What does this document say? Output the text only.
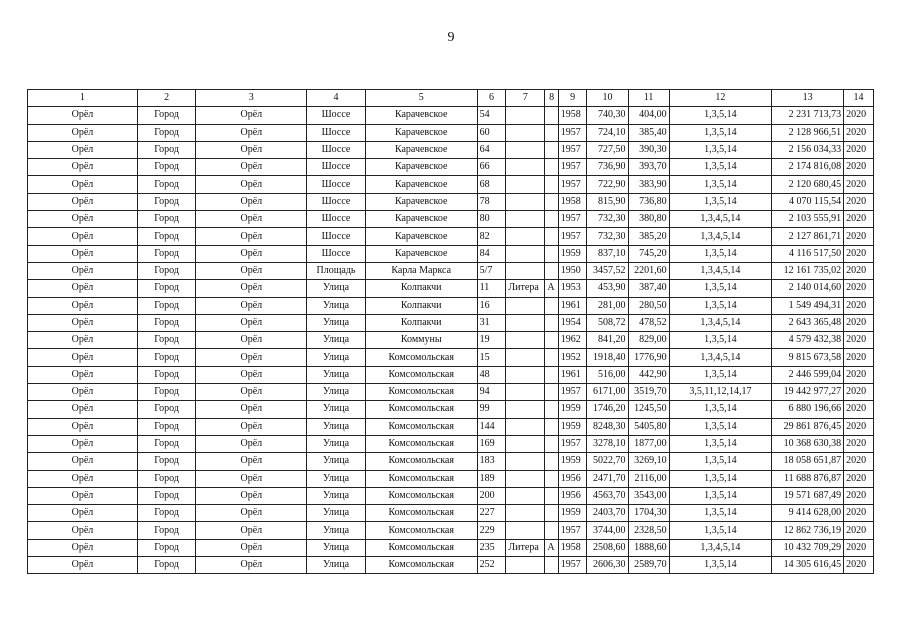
9
1	2	3	4	5	6	7	8	9	10	11	12	13	14
Орёл	Город	Орёл	Шоссе	Карачевское	54			1958	740,30	404,00	1,3,5,14	2 231 713,73	2020
Орёл	Город	Орёл	Шоссе	Карачевское	60			1957	724,10	385,40	1,3,5,14	2 128 966,51	2020
Орёл	Город	Орёл	Шоссе	Карачевское	64			1957	727,50	390,30	1,3,5,14	2 156 034,33	2020
Орёл	Город	Орёл	Шоссе	Карачевское	66			1957	736,90	393,70	1,3,5,14	2 174 816,08	2020
Орёл	Город	Орёл	Шоссе	Карачевское	68			1957	722,90	383,90	1,3,5,14	2 120 680,45	2020
Орёл	Город	Орёл	Шоссе	Карачевское	78			1958	815,90	736,80	1,3,5,14	4 070 115,54	2020
Орёл	Город	Орёл	Шоссе	Карачевское	80			1957	732,30	380,80	1,3,4,5,14	2 103 555,91	2020
Орёл	Город	Орёл	Шоссе	Карачевское	82			1957	732,30	385,20	1,3,4,5,14	2 127 861,71	2020
Орёл	Город	Орёл	Шоссе	Карачевское	84			1959	837,10	745,20	1,3,5,14	4 116 517,50	2020
Орёл	Город	Орёл	Площадь	Карла Маркса	5/7			1950	3457,52	2201,60	1,3,4,5,14	12 161 735,02	2020
Орёл	Город	Орёл	Улица	Колпакчи	11	Литера	А	1953	453,90	387,40	1,3,5,14	2 140 014,60	2020
Орёл	Город	Орёл	Улица	Колпакчи	16			1961	281,00	280,50	1,3,5,14	1 549 494,31	2020
Орёл	Город	Орёл	Улица	Колпакчи	31			1954	508,72	478,52	1,3,4,5,14	2 643 365,48	2020
Орёл	Город	Орёл	Улица	Коммуны	19			1962	841,20	829,00	1,3,5,14	4 579 432,38	2020
Орёл	Город	Орёл	Улица	Комсомольская	15			1952	1918,40	1776,90	1,3,4,5,14	9 815 673,58	2020
Орёл	Город	Орёл	Улица	Комсомольская	48			1961	516,00	442,90	1,3,5,14	2 446 599,04	2020
Орёл	Город	Орёл	Улица	Комсомольская	94			1957	6171,00	3519,70	3,5,11,12,14,17	19 442 977,27	2020
Орёл	Город	Орёл	Улица	Комсомольская	99			1959	1746,20	1245,50	1,3,5,14	6 880 196,66	2020
Орёл	Город	Орёл	Улица	Комсомольская	144			1959	8248,30	5405,80	1,3,5,14	29 861 876,45	2020
Орёл	Город	Орёл	Улица	Комсомольская	169			1957	3278,10	1877,00	1,3,5,14	10 368 630,38	2020
Орёл	Город	Орёл	Улица	Комсомольская	183			1959	5022,70	3269,10	1,3,5,14	18 058 651,87	2020
Орёл	Город	Орёл	Улица	Комсомольская	189			1956	2471,70	2116,00	1,3,5,14	11 688 876,87	2020
Орёл	Город	Орёл	Улица	Комсомольская	200			1956	4563,70	3543,00	1,3,5,14	19 571 687,49	2020
Орёл	Город	Орёл	Улица	Комсомольская	227			1959	2403,70	1704,30	1,3,5,14	9 414 628,00	2020
Орёл	Город	Орёл	Улица	Комсомольская	229			1957	3744,00	2328,50	1,3,5,14	12 862 736,19	2020
Орёл	Город	Орёл	Улица	Комсомольская	235	Литера	А	1958	2508,60	1888,60	1,3,4,5,14	10 432 709,29	2020
Орёл	Город	Орёл	Улица	Комсомольская	252			1957	2606,30	2589,70	1,3,5,14	14 305 616,45	2020
